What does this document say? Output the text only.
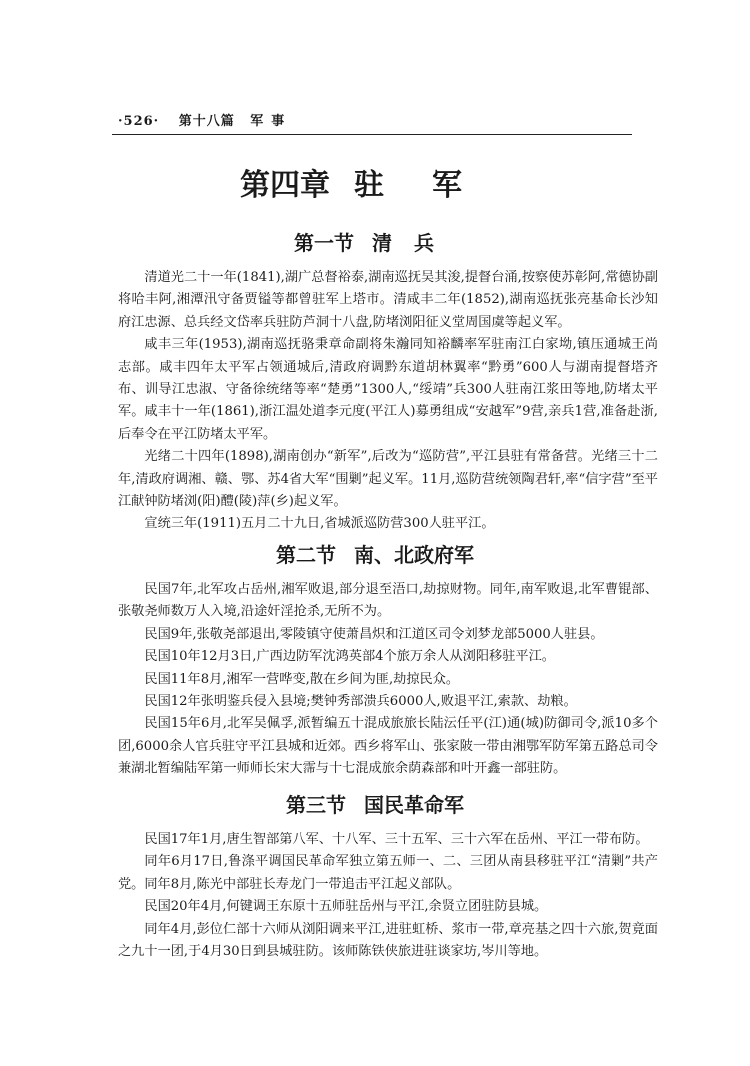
·526· 第十八篇 军事
第四章 驻军
第一节 清兵

清道光二十一年(1841),湖广总督裕泰,湖南巡抚吴其浚,提督台涌,按察使苏彰阿,常德协副将哈丰阿,湘潭汛守备贾镒等都曾驻军上塔市。清咸丰二年(1852),湖南巡抚张亮基命长沙知府江忠源、总兵经文岱率兵驻防芦洞十八盘,防堵浏阳征义堂周国虞等起义军。

咸丰三年(1953),湖南巡抚骆秉章命副将朱瀚同知裕麟率军驻南江白家坳,镇压通城王尚志部。咸丰四年太平军占领通城后,清政府调黔东道胡林翼率“黔勇”600人与湖南提督塔齐布、训导江忠淑、守备徐统绪等率“楚勇”1300人,“绥靖”兵300人驻南江浆田等地,防堵太平军。咸丰十一年(1861),浙江温处道李元度(平江人)募勇组成“安越军”9营,亲兵1营,准备赴浙,后奉令在平江防堵太平军。

光绪二十四年(1898),湖南创办“新军”,后改为“巡防营”,平江县驻有常备营。光绪三十二年,清政府调湘、赣、鄂、苏4省大军“围剿”起义军。11月,巡防营统领陶君轩,率“信字营”至平江献钟防堵浏(阳)醴(陵)萍(乡)起义军。

宣统三年(1911)五月二十九日,省城派巡防营300人驻平江。

第二节 南、北政府军

民国7年,北军攻占岳州,湘军败退,部分退至浯口,劫掠财物。同年,南军败退,北军曹锟部、张敬尧师数万人入境,沿途奸淫抢杀,无所不为。

民国9年,张敬尧部退出,零陵镇守使萧昌炽和江道区司令刘梦龙部5000人驻县。

民国10年12月3日,广西边防军沈鸿英部4个旅万余人从浏阳移驻平江。

民国11年8月,湘军一营哗变,散在乡间为匪,劫掠民众。

民国12年张明鉴兵侵入县境;樊钟秀部溃兵6000人,败退平江,索款、劫粮。

民国15年6月,北军吴佩孚,派暂编五十混成旅旅长陆沄任平(江)通(城)防御司令,派10多个团,6000余人官兵驻守平江县城和近郊。西乡将军山、张家陂一带由湘鄂军防军第五路总司令兼湖北暂编陆军第一师师长宋大霈与十七混成旅余荫森部和叶开鑫一部驻防。

第三节 国民革命军

民国17年1月,唐生智部第八军、十八军、三十五军、三十六军在岳州、平江一带布防。

同年6月17日,鲁涤平调国民革命军独立第五师一、二、三团从南县移驻平江“清剿”共产党。同年8月,陈光中部驻长寿龙门一带追击平江起义部队。

民国20年4月,何键调王东原十五师驻岳州与平江,余贤立团驻防县城。

同年4月,彭位仁部十六师从浏阳调来平江,进驻虹桥、浆市一带,章亮基之四十六旅,贺竟面之九十一团,于4月30日到县城驻防。该师陈铁侠旅进驻谈家坊,岑川等地。
